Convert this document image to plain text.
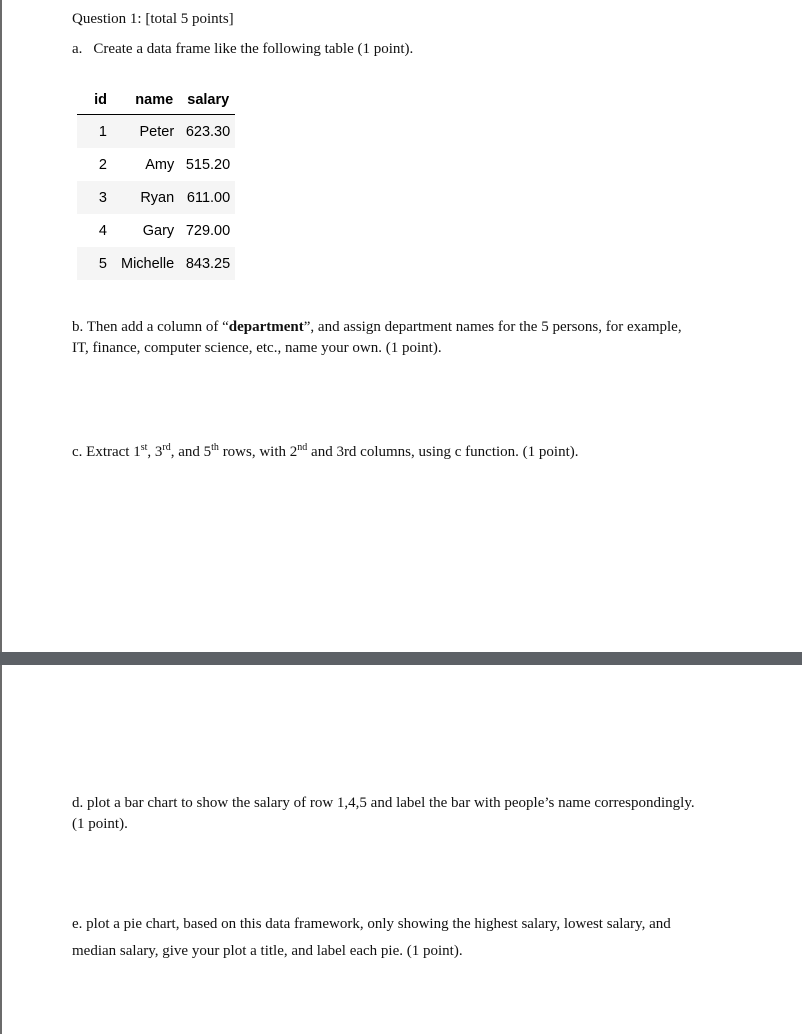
Question 1: [total 5 points]
a. Create a data frame like the following table (1 point).
id	name	salary
1	Peter	623.30
2	Amy	515.20
3	Ryan	611.00
4	Gary	729.00
5	Michelle	843.25
b. Then add a column of “department”, and assign department names for the 5 persons, for example,
IT, finance, computer science, etc., name your own. (1 point).
c. Extract 1st, 3rd, and 5th rows, with 2nd and 3rd columns, using c function. (1 point).
d. plot a bar chart to show the salary of row 1,4,5 and label the bar with people’s name correspondingly.
(1 point).
e. plot a pie chart, based on this data framework, only showing the highest salary, lowest salary, and
median salary, give your plot a title, and label each pie. (1 point).
